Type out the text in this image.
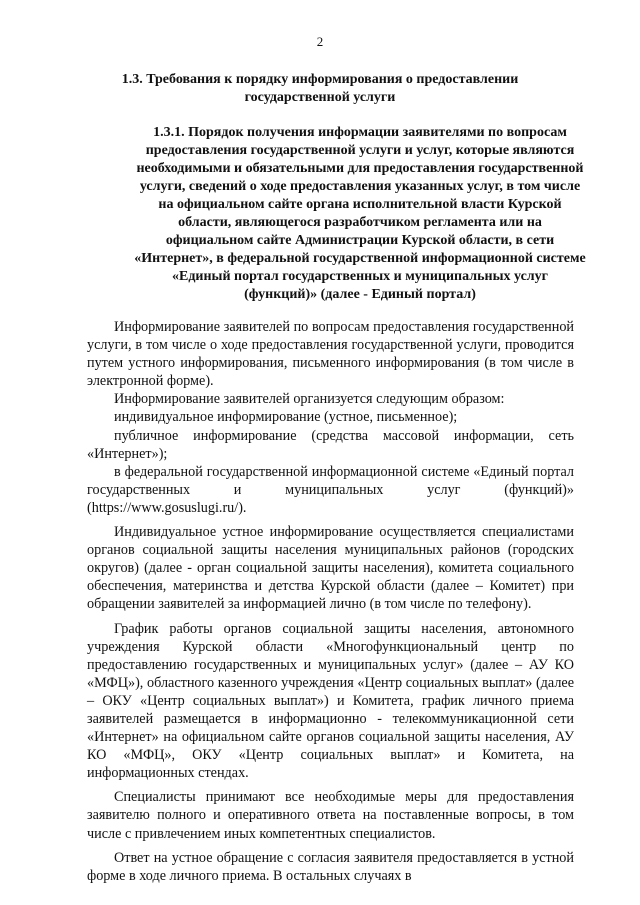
2
1.3. Требования к порядку информирования о предоставлении
государственной услуги
1.3.1. Порядок получения информации заявителями по вопросам
предоставления государственной услуги и услуг, которые являются
необходимыми и обязательными для предоставления государственной
услуги, сведений о ходе предоставления указанных услуг, в том числе
на официальном сайте органа исполнительной власти Курской
области, являющегося разработчиком регламента или на
официальном сайте Администрации Курской области, в сети
«Интернет», в федеральной государственной информационной системе
«Единый портал государственных и муниципальных услуг
(функций)» (далее - Единый портал)

Информирование заявителей по вопросам предоставления государственной услуги, в том числе о ходе предоставления государственной услуги, проводится путем устного информирования, письменного информирования (в том числе в электронной форме).

Информирование заявителей организуется следующим образом:

индивидуальное информирование (устное, письменное);

публичное информирование (средства массовой информации, сеть «Интернет»);

в федеральной государственной информационной системе «Единый портал государственных и муниципальных услуг (функций)» (https://www.gosuslugi.ru/).

Индивидуальное устное информирование осуществляется специалистами органов социальной защиты населения муниципальных районов (городских округов) (далее - орган социальной защиты населения), комитета социального обеспечения, материнства и детства Курской области (далее – Комитет) при обращении заявителей за информацией лично (в том числе по телефону).

График работы органов социальной защиты населения, автономного учреждения Курской области «Многофункциональный центр по предоставлению государственных и муниципальных услуг» (далее – АУ КО «МФЦ»), областного казенного учреждения «Центр социальных выплат» (далее – ОКУ «Центр социальных выплат») и Комитета, график личного приема заявителей размещается в информационно - телекоммуникационной сети «Интернет» на официальном сайте органов социальной защиты населения, АУ КО «МФЦ», ОКУ «Центр социальных выплат» и Комитета, на информационных стендах.

Специалисты принимают все необходимые меры для предоставления заявителю полного и оперативного ответа на поставленные вопросы, в том числе с привлечением иных компетентных специалистов.

Ответ на устное обращение с согласия заявителя предоставляется в устной форме в ходе личного приема. В остальных случаях в
